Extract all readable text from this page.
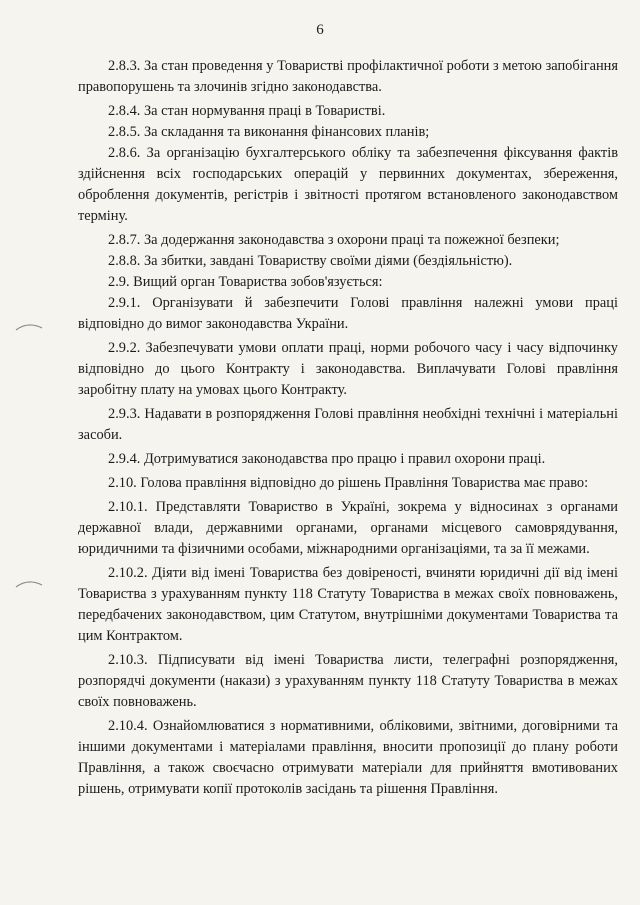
6

2.8.3. За стан проведення у Товаристві профілактичної роботи з метою запобігання правопорушень та злочинів згідно законодавства.

2.8.4. За стан нормування праці в Товаристві.

2.8.5. За складання та виконання фінансових планів;

2.8.6. За організацію бухгалтерського обліку та забезпечення фіксування фактів здійснення всіх господарських операцій у первинних документах, збереження, оброблення документів, регістрів і звітності протягом встановленого законодавством терміну.

2.8.7. За додержання законодавства з охорони праці та пожежної безпеки;

2.8.8. За збитки, завдані Товариству своїми діями (бездіяльністю).

2.9. Вищий орган Товариства зобов'язується:

2.9.1. Організувати й забезпечити Голові правління належні умови праці відповідно до вимог законодавства України.

2.9.2. Забезпечувати умови оплати праці, норми робочого часу і часу відпочинку відповідно до цього Контракту і законодавства. Виплачувати Голові правління заробітну плату на умовах цього Контракту.

2.9.3. Надавати в розпорядження Голові правління необхідні технічні і матеріальні засоби.

2.9.4. Дотримуватися законодавства про працю і правил охорони праці.

2.10. Голова правління відповідно до рішень Правління Товариства має право:

2.10.1. Представляти Товариство в Україні, зокрема у відносинах з органами державної влади, державними органами, органами місцевого самоврядування, юридичними та фізичними особами, міжнародними організаціями, та за її межами.

2.10.2. Діяти від імені Товариства без довіреності, вчиняти юридичні дії від імені Товариства з урахуванням пункту 118 Статуту Товариства в межах своїх повноважень, передбачених законодавством, цим Статутом, внутрішніми документами Товариства та цим Контрактом.

2.10.3. Підписувати від імені Товариства листи, телеграфні розпорядження, розпорядчі документи (накази) з урахуванням пункту 118 Статуту Товариства в межах своїх повноважень.

2.10.4. Ознайомлюватися з нормативними, обліковими, звітними, договірними та іншими документами і матеріалами правління, вносити пропозиції до плану роботи Правління, а також своєчасно отримувати матеріали для прийняття вмотивованих рішень, отримувати копії протоколів засідань та рішення Правління.
